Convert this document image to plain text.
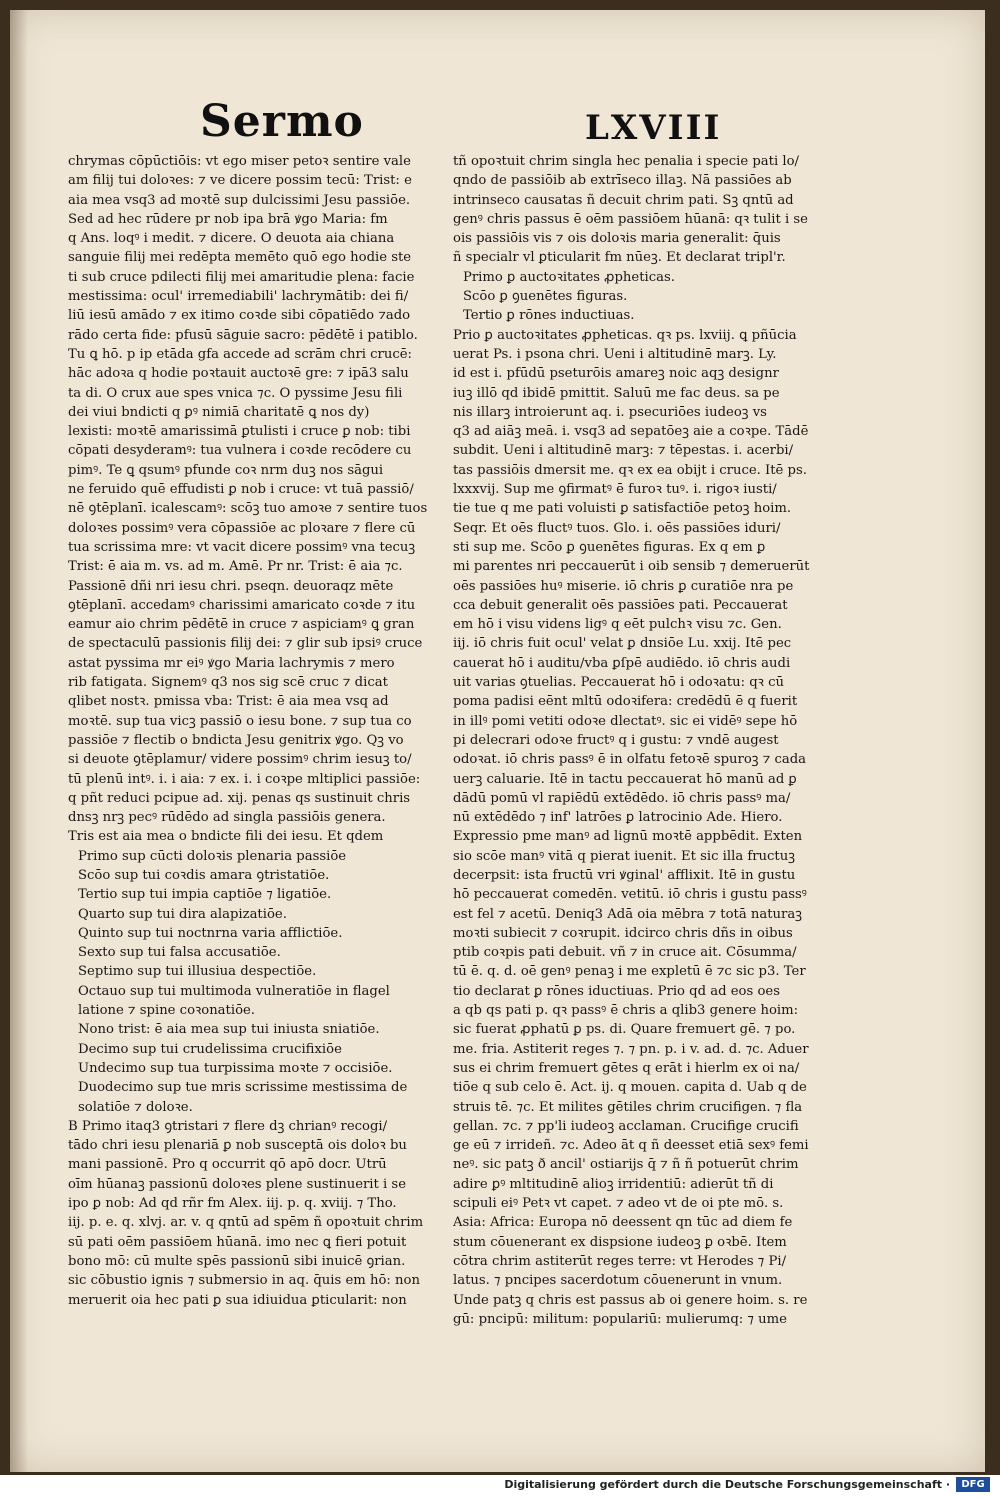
Sermo	LXVIII
chrymas cōpūctiōis: vt ego miser petoꝛ sentire vale
am filij tui doloꝛes: ⁊ ve dicere possim tecū: Trist: e
aia mea vsq3 ad moꝛtē sup dulcissimi Jesu passiōe.
Sed ad hec rūdere pr nob ipa brā ꝟgo Maria: fm
q Ans. loqꝰ i medit. ⁊ dicere. O deuota aia chiana
sanguie filij mei redēpta memēto quō ego hodie ste
ti sub cruce pdilecti filij mei amaritudie plena: facie
mestissima: ocul' irremediabili' lachrymātib: dei fi/
liū iesū amādo ⁊ ex itimo coꝛde sibi cōpatiēdo ⁊ado
rādo certa fide: pfusū sāguie sacro: pēdētē i patiblo.
Tu ꝗ hō. p ip etāda gfa accede ad scrām chri crucē:
hāc adoꝛa q hodie poꝛtauit auctoꝛē gre: ⁊ ipā3 salu
ta di. O crux aue spes vnica ⁊c. O pyssime Jesu fili
dei viui bndicti q ꝑꝰ nimiā charitatē ꝗ nos dy)
lexisti: moꝛtē amarissimā ꝑtulisti i cruce ꝑ nob: tibi
cōpati desyderamꝰ: tua vulnera i coꝛde recōdere cu
pimꝰ. Te ꝗ qsumꝰ pfunde coꝛ nrm duꝫ nos sāgui
ne feruido quē effudisti ꝑ nob i cruce: vt tuā passiō/
nē ꝯtēplanī. icalescamꝰ: scōꝫ tuo amoꝛe ⁊ sentire tuos
doloꝛes possimꝰ vera cōpassiōe ac ploꝛare ⁊ flere cū
tua scrissima mre: vt vacit dicere possimꝰ vna tecuꝫ
Trist: ē aia m. vs. ad m. Amē. Pr nr. Trist: ē aia ⁊c.
Passionē dñi nri iesu chri. pseqn. deuoraqz mēte
ꝯtēplanī. accedamꝰ charissimi amaricato coꝛde ⁊ itu
eamur aio chrim pēdētē in cruce ⁊ aspiciamꝰ ꝗ gran
de spectaculū passionis filij dei: ⁊ glir sub ipsiꝰ cruce
astat pyssima mr eiꝰ ꝟgo Maria lachrymis ⁊ mero
rib fatigata. Signemꝰ q3 nos sig scē cruc ⁊ dicat
qlibet nostꝛ. pmissa vba: Trist: ē aia mea vsq ad
moꝛtē. sup tua vicꝫ passiō o iesu bone. ⁊ sup tua co
passiōe ⁊ flectib o bndicta Jesu genitrix ꝟgo. Qꝫ vo
si deuote ꝯtēplamur/ videre possimꝰ chrim iesuꝫ to/
tū plenū intꝰ. i. i aia: ⁊ ex. i. i coꝛpe mltiplici passiōe:
q pñt reduci pcipue ad. xij. penas qs sustinuit chris
dnsꝫ nrꝫ pecꝰ rūdēdo ad singla passiōis genera.
Tris est aia mea o bndicte fili dei iesu. Et qdem
Primo sup cūcti doloꝛis plenaria passiōe
Scōo sup tui coꝛdis amara ꝯtristatiōe.
Tertio sup tui impia captiōe ⁊ ligatiōe.
Quarto sup tui dira alapizatiōe.
Quinto sup tui noctnrna varia afflictiōe.
Sexto sup tui falsa accusatiōe.
Septimo sup tui illusiua despectiōe.
Octauo sup tui multimoda vulneratiōe in flagel
latione ⁊ spine coꝛonatiōe.
Nono trist: ē aia mea sup tui iniusta sniatiōe.
Decimo sup tui crudelissima crucifixiōe
Undecimo sup tua turpissima moꝛte ⁊ occisiōe.
Duodecimo sup tue mris scrissime mestissima de
solatiōe ⁊ doloꝛe.
B Primo itaq3 ꝯtristari ⁊ flere dꝫ chrianꝰ recogi/
tādo chri iesu plenariā ꝑ nob susceptā ois doloꝛ bu
mani passionē. Pro q occurrit qō apō docr. Utrū
oīm hūanaꝫ passionū doloꝛes plene sustinuerit i se
ipo ꝑ nob: Ad qd rñr fm Alex. iij. p. q. xviij. ⁊ Tho.
iij. p. e. q. xlvj. ar. v. q qntū ad spēm ñ opoꝛtuit chrim
sū pati oēm passiōem hūanā. imo nec ꝗ fieri potuit
bono mō: cū multe spēs passionū sibi inuicē ꝯrian.
sic cōbustio ignis ⁊ submersio in aq. q̄uis em hō: non
meruerit oia hec pati ꝑ sua idiuidua ꝑticularit: non
tñ opoꝛtuit chrim singla hec penalia i specie pati lo/
qndo de passiōib ab extrīseco illaꝫ. Nā passiōes ab
intrinseco causatas ñ decuit chrim pati. Sꝫ qntū ad
genꝰ chris passus ē oēm passiōem hūanā: qꝛ tulit i se
ois passiōis vis ⁊ ois doloꝛis maria generalit: q̄uis
ñ specialr vl ꝑticularit fm nūeꝫ. Et declarat tripl'r.
Primo ꝑ auctoꝛitates ꝓpheticas.
Scōo ꝑ ꝯuenētes figuras.
Tertio ꝑ rōnes inductiuas.
Prio ꝑ auctoꝛitates ꝓpheticas. qꝛ ps. lxviij. ꝗ pñūcia
uerat Ps. i psona chri. Ueni i altitudinē marꝫ. Ly.
id est i. pfūdū pseturōis amareꝫ noic aqꝫ designr
iuꝫ illō qd ibidē pmittit. Saluū me fac deus. sa pe
nis illarꝫ introierunt aq. i. psecuriōes iudeoꝫ vs
q3 ad aiāꝫ meā. i. vsq3 ad sepatōeꝫ aie a coꝛpe. Tādē
subdit. Ueni i altitudinē marꝫ: ⁊ tēpestas. i. acerbi/
tas passiōis dmersit me. qꝛ ex ea obijt i cruce. Itē ps.
lxxxvij. Sup me ꝯfirmatꝰ ē furoꝛ tuꝰ. i. rigoꝛ iusti/
tie tue q me pati voluisti ꝑ satisfactiōe petoꝫ hoim.
Seqr. Et oēs fluctꝰ tuos. Glo. i. oēs passiōes iduri/
sti sup me. Scōo ꝑ ꝯuenētes figuras. Ex q em ꝑ
mi parentes nri peccauerūt i oib sensib ⁊ demeruerūt
oēs passiōes huꝰ miserie. iō chris ꝑ curatiōe nra pe
cca debuit generalit oēs passiōes pati. Peccauerat
em hō i visu videns ligꝰ q eēt pulchꝛ visu ⁊c. Gen.
iij. iō chris fuit ocul' velat ꝑ dnsiōe Lu. xxij. Itē pec
cauerat hō i auditu/vba ꝑſpē audiēdo. iō chris audi
uit varias ꝯtuelias. Peccauerat hō i odoꝛatu: qꝛ cū
poma padisi eēnt mltū odoꝛifera: credēdū ē q fuerit
in illꝰ pomi vetiti odoꝛe dlectatꝰ. sic ei vidēꝰ sepe hō
pi delecrari odoꝛe fructꝰ q i gustu: ⁊ vndē augest
odoꝛat. iō chris passꝰ ē in olfatu fetoꝛē spuroꝫ ⁊ cada
uerꝫ caluarie. Itē in tactu peccauerat hō manū ad ꝑ
dādū pomū vl rapiēdū extēdēdo. iō chris passꝰ ma/
nū extēdēdo ⁊ inf' latrōes ꝑ latrocinio Ade. Hiero.
Expressio pme manꝰ ad lignū moꝛtē appbēdit. Exten
sio scōe manꝰ vitā q pierat iuenit. Et sic illa fructuꝫ
decerpsit: ista fructū vri ꝟginal' afflixit. Itē in gustu
hō peccauerat comedēn. vetitū. iō chris i gustu passꝰ
est fel ⁊ acetū. Deniq3 Adā oia mēbra ⁊ totā naturaꝫ
moꝛti subiecit ⁊ coꝛrupit. idcirco chris dñs in oibus
ptib coꝛpis pati debuit. vñ ⁊ in cruce ait. Cōsumma/
tū ē. q. d. oē genꝰ penaꝫ i me expletū ē ⁊c sic p3. Ter
tio declarat ꝑ rōnes iductiuas. Prio qd ad eos oes
a qb qs pati p. qꝛ passꝰ ē chris a qlib3 genere hoim:
sic fuerat ꝓphatū ꝑ ps. di. Quare fremuert gē. ⁊ po.
me. fria. Astiterit reges ⁊. ⁊ pn. p. i v. ad. d. ⁊c. Aduer
sus ei chrim fremuert gētes q erāt i hierlm ex oi na/
tiōe q sub celo ē. Act. ij. q mouen. capita d. Uab q de
struis tē. ⁊c. Et milites gētiles chrim crucifigen. ⁊ fla
gellan. ⁊c. ⁊ pp'li iudeoꝫ acclaman. Crucifige crucifi
ge eū ⁊ irrideñ. ⁊c. Adeo āt q ñ deesset etiā sexꝰ femi
neꝰ. sic patꝫ ð ancil' ostiarijs q̄ ⁊ ñ ñ potuerūt chrim
adire ꝑꝰ mltitudinē alioꝫ irridentiū: adierūt tñ di
scipuli eiꝰ Petꝛ vt capet. ⁊ adeo vt de oi pte mō. s.
Asia: Africa: Europa nō deessent qn tūc ad diem fe
stum cōuenerant ex dispsione iudeoꝫ ꝑ oꝛbē. Item
cōtra chrim astiterūt reges terre: vt Herodes ⁊ Pi/
latus. ⁊ pncipes sacerdotum cōuenerunt in vnum.
Unde patꝫ q chris est passus ab oi genere hoim. s. re
gū: pncipū: militum: populariū: mulierumq: ⁊ ume
Digitalisierung gefördert durch die Deutsche Forschungsgemeinschaft ·	DFG
